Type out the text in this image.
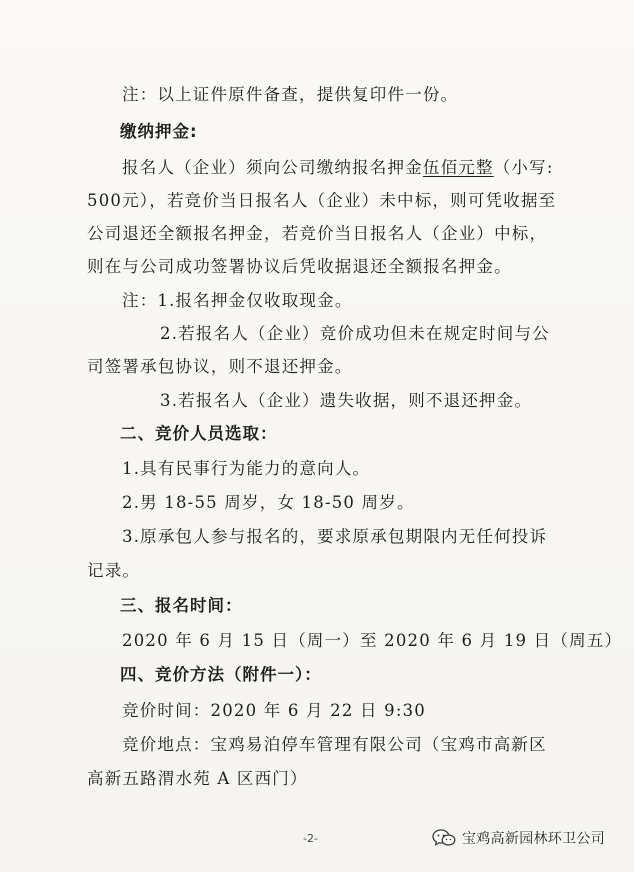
注：以上证件原件备查，提供复印件一份。
缴纳押金:
报名人（企业）须向公司缴纳报名押金伍佰元整（小写:
500元），若竞价当日报名人（企业）未中标，则可凭收据至
公司退还全额报名押金，若竞价当日报名人（企业）中标，
则在与公司成功签署协议后凭收据退还全额报名押金。
注：1.报名押金仅收取现金。
2.若报名人（企业）竞价成功但未在规定时间与公
司签署承包协议，则不退还押金。
3.若报名人（企业）遗失收据，则不退还押金。
二、竞价人员选取：
1.具有民事行为能力的意向人。
2.男 18-55 周岁，女 18-50 周岁。
3.原承包人参与报名的，要求原承包期限内无任何投诉
记录。
三、报名时间：
2020 年 6 月 15 日（周一）至 2020 年 6 月 19 日（周五）
四、竞价方法（附件一）：
竞价时间：2020 年 6 月 22 日 9:30
竞价地点：宝鸡易泊停车管理有限公司（宝鸡市高新区
高新五路渭水苑 A 区西门）
-2-	宝鸡高新园林环卫公司
